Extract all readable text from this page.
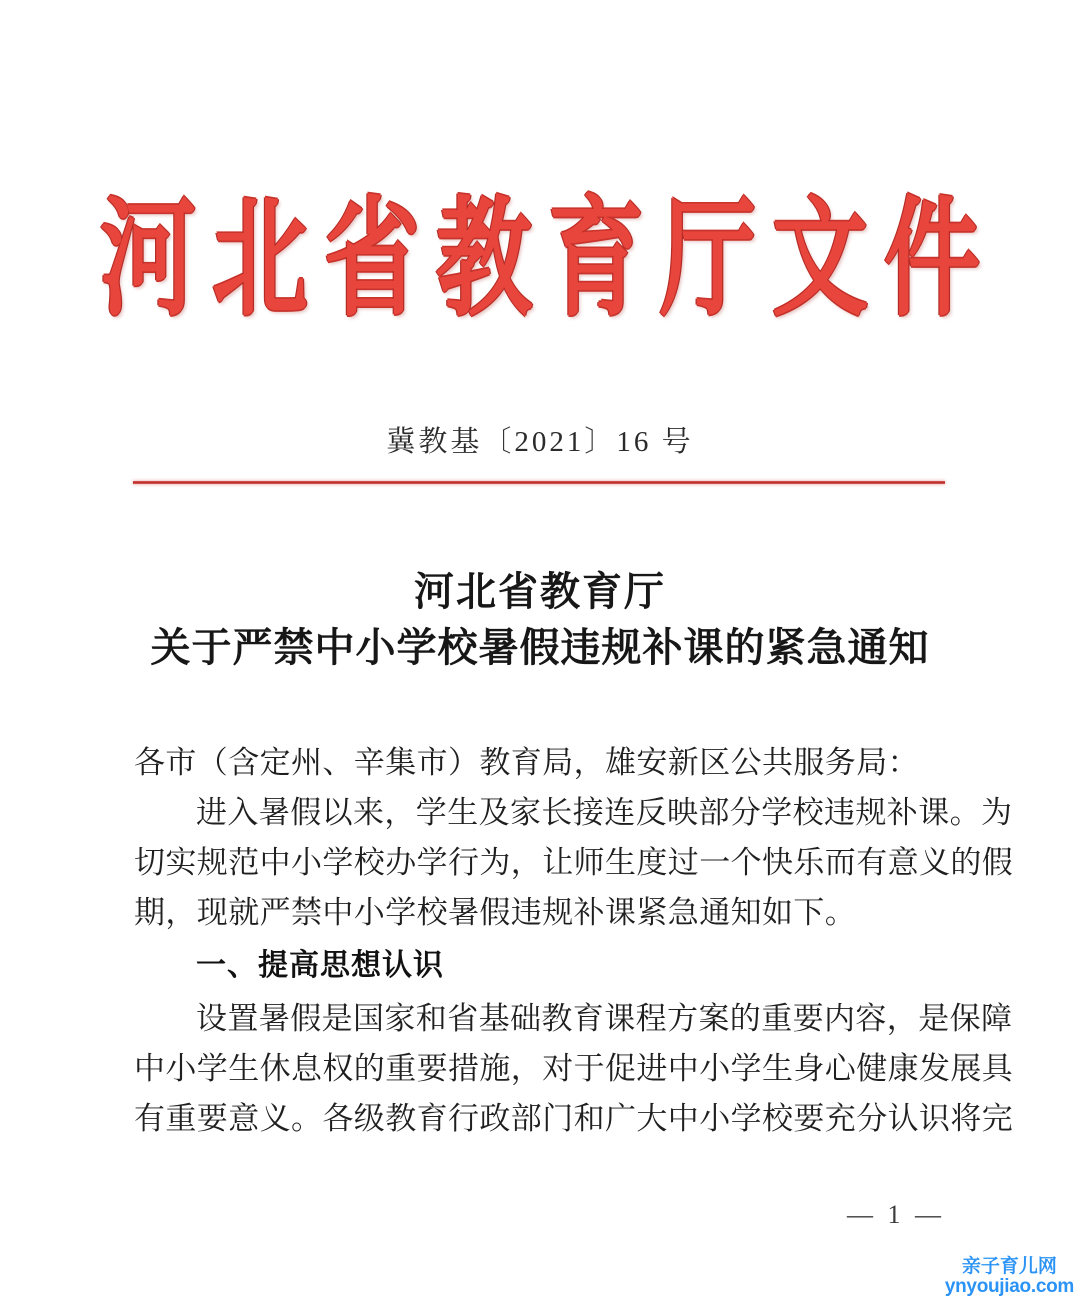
河北省教育厅文件
冀教基〔2021〕16 号
河北省教育厅
关于严禁中小学校暑假违规补课的紧急通知
各市（含定州、辛集市）教育局，雄安新区公共服务局：
进入暑假以来，学生及家长接连反映部分学校违规补课。为
切实规范中小学校办学行为，让师生度过一个快乐而有意义的假
期，现就严禁中小学校暑假违规补课紧急通知如下。
一、提高思想认识
设置暑假是国家和省基础教育课程方案的重要内容，是保障
中小学生休息权的重要措施，对于促进中小学生身心健康发展具
有重要意义。各级教育行政部门和广大中小学校要充分认识将完
— 1 —
亲子育儿网
ynyoujiao.com
